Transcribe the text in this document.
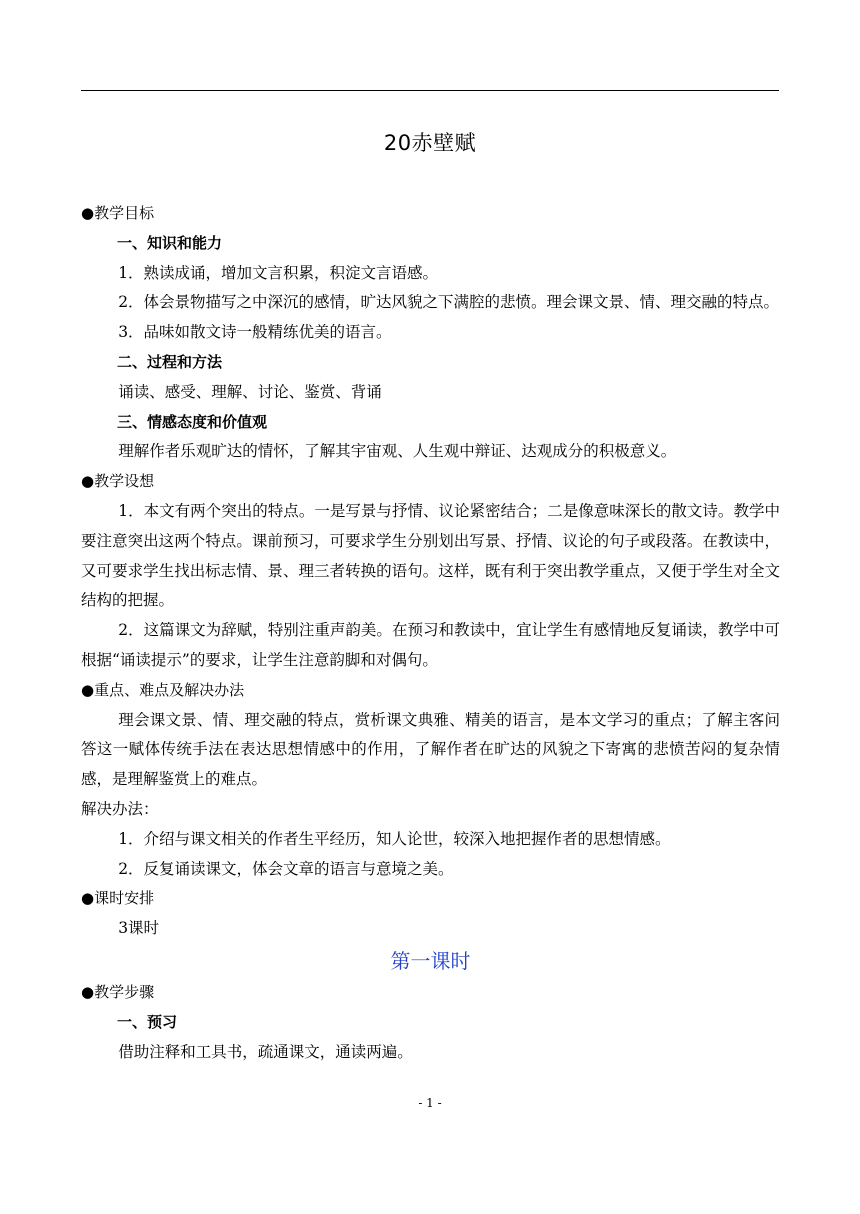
20赤壁赋

●教学目标

一、知识和能力

1．熟读成诵，增加文言积累，积淀文言语感。

2．体会景物描写之中深沉的感情，旷达风貌之下满腔的悲愤。理会课文景、情、理交融的特点。

3．品味如散文诗一般精练优美的语言。

二、过程和方法

诵读、感受、理解、讨论、鉴赏、背诵

三、情感态度和价值观

理解作者乐观旷达的情怀，了解其宇宙观、人生观中辩证、达观成分的积极意义。

●教学设想

1．本文有两个突出的特点。一是写景与抒情、议论紧密结合；二是像意味深长的散文诗。教学中要注意突出这两个特点。课前预习，可要求学生分别划出写景、抒情、议论的句子或段落。在教读中，又可要求学生找出标志情、景、理三者转换的语句。这样，既有利于突出教学重点，又便于学生对全文结构的把握。

2．这篇课文为辞赋，特别注重声韵美。在预习和教读中，宜让学生有感情地反复诵读，教学中可根据“诵读提示”的要求，让学生注意韵脚和对偶句。

●重点、难点及解决办法

理会课文景、情、理交融的特点，赏析课文典雅、精美的语言，是本文学习的重点；了解主客问答这一赋体传统手法在表达思想情感中的作用，了解作者在旷达的风貌之下寄寓的悲愤苦闷的复杂情感，是理解鉴赏上的难点。

解决办法：

1．介绍与课文相关的作者生平经历，知人论世，较深入地把握作者的思想情感。

2．反复诵读课文，体会文章的语言与意境之美。

●课时安排

3课时

第一课时

●教学步骤

一、预习

借助注释和工具书，疏通课文，通读两遍。

- 1 -
